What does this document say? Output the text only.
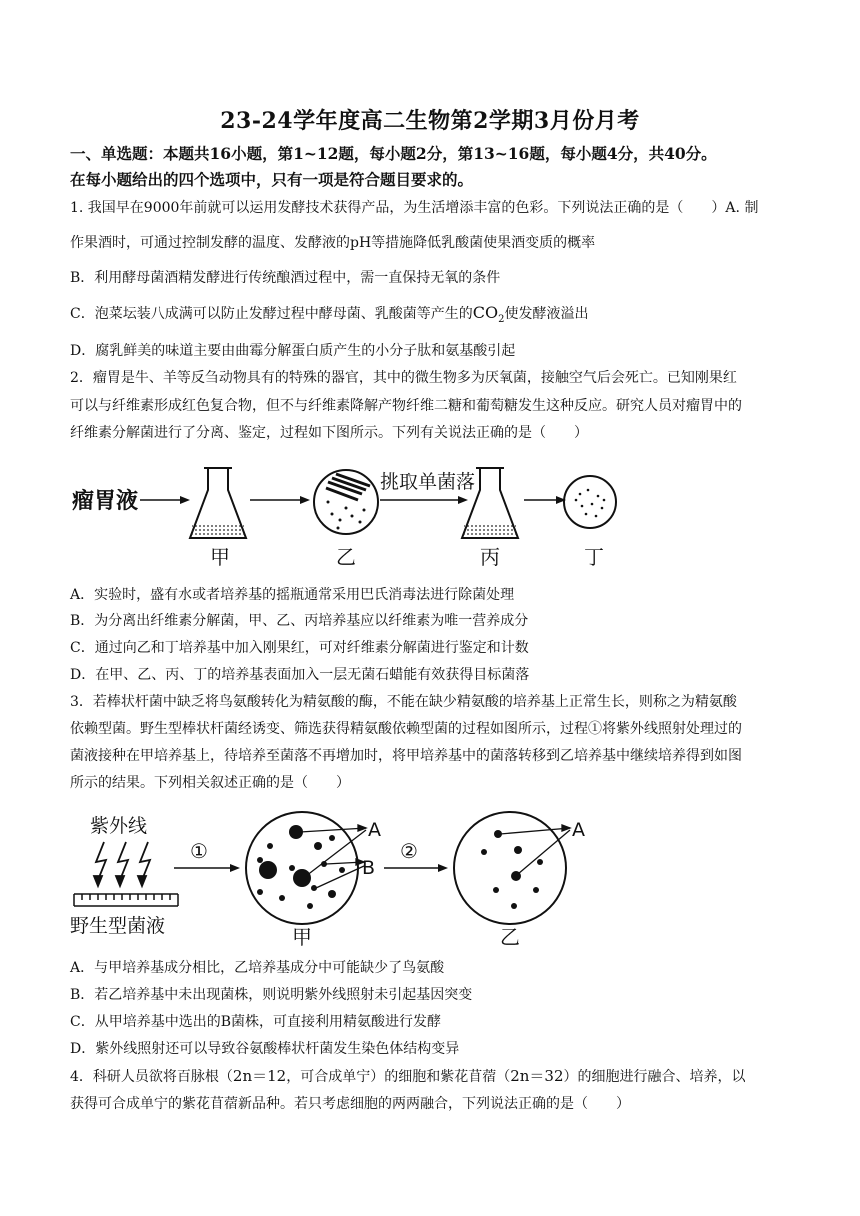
23-24学年度高二生物第2学期3月份月考
一、单选题：本题共16小题，第1~12题，每小题2分，第13~16题，每小题4分，共40分。
在每小题给出的四个选项中，只有一项是符合题目要求的。
1. 我国早在9000年前就可以运用发酵技术获得产品，为生活增添丰富的色彩。下列说法正确的是（　　）A. 制
作果酒时，可通过控制发酵的温度、发酵液的pH等措施降低乳酸菌使果酒变质的概率
B．利用酵母菌酒精发酵进行传统酿酒过程中，需一直保持无氧的条件
C．泡菜坛装八成满可以防止发酵过程中酵母菌、乳酸菌等产生的$CO_2$使发酵液溢出
D．腐乳鲜美的味道主要由曲霉分解蛋白质产生的小分子肽和氨基酸引起
2．瘤胃是牛、羊等反刍动物具有的特殊的器官，其中的微生物多为厌氧菌，接触空气后会死亡。已知刚果红
可以与纤维素形成红色复合物，但不与纤维素降解产物纤维二糖和葡萄糖发生这种反应。研究人员对瘤胃中的
纤维素分解菌进行了分离、鉴定，过程如下图所示。下列有关说法正确的是（　　）
瘤胃液
甲	乙
挑取单菌落
丙	丁
A．实验时，盛有水或者培养基的摇瓶通常采用巴氏消毒法进行除菌处理
B．为分离出纤维素分解菌，甲、乙、丙培养基应以纤维素为唯一营养成分
C．通过向乙和丁培养基中加入刚果红，可对纤维素分解菌进行鉴定和计数
D．在甲、乙、丙、丁的培养基表面加入一层无菌石蜡能有效获得目标菌落
3．若棒状杆菌中缺乏将鸟氨酸转化为精氨酸的酶，不能在缺少精氨酸的培养基上正常生长，则称之为精氨酸
依赖型菌。野生型棒状杆菌经诱变、筛选获得精氨酸依赖型菌的过程如图所示，过程①将紫外线照射处理过的
菌液接种在甲培养基上，待培养至菌落不再增加时，将甲培养基中的菌落转移到乙培养基中继续培养得到如图
所示的结果。下列相关叙述正确的是（　　）
紫外线
野生型菌液
①
A
B
甲
②
A
乙
A．与甲培养基成分相比，乙培养基成分中可能缺少了鸟氨酸
B．若乙培养基中未出现菌株，则说明紫外线照射未引起基因突变
C．从甲培养基中选出的B菌株，可直接利用精氨酸进行发酵
D．紫外线照射还可以导致谷氨酸棒状杆菌发生染色体结构变异
4．科研人员欲将百脉根（2n＝12，可合成单宁）的细胞和紫花苜蓿（2n＝32）的细胞进行融合、培养，以
获得可合成单宁的紫花苜蓿新品种。若只考虑细胞的两两融合，下列说法正确的是（　　）
